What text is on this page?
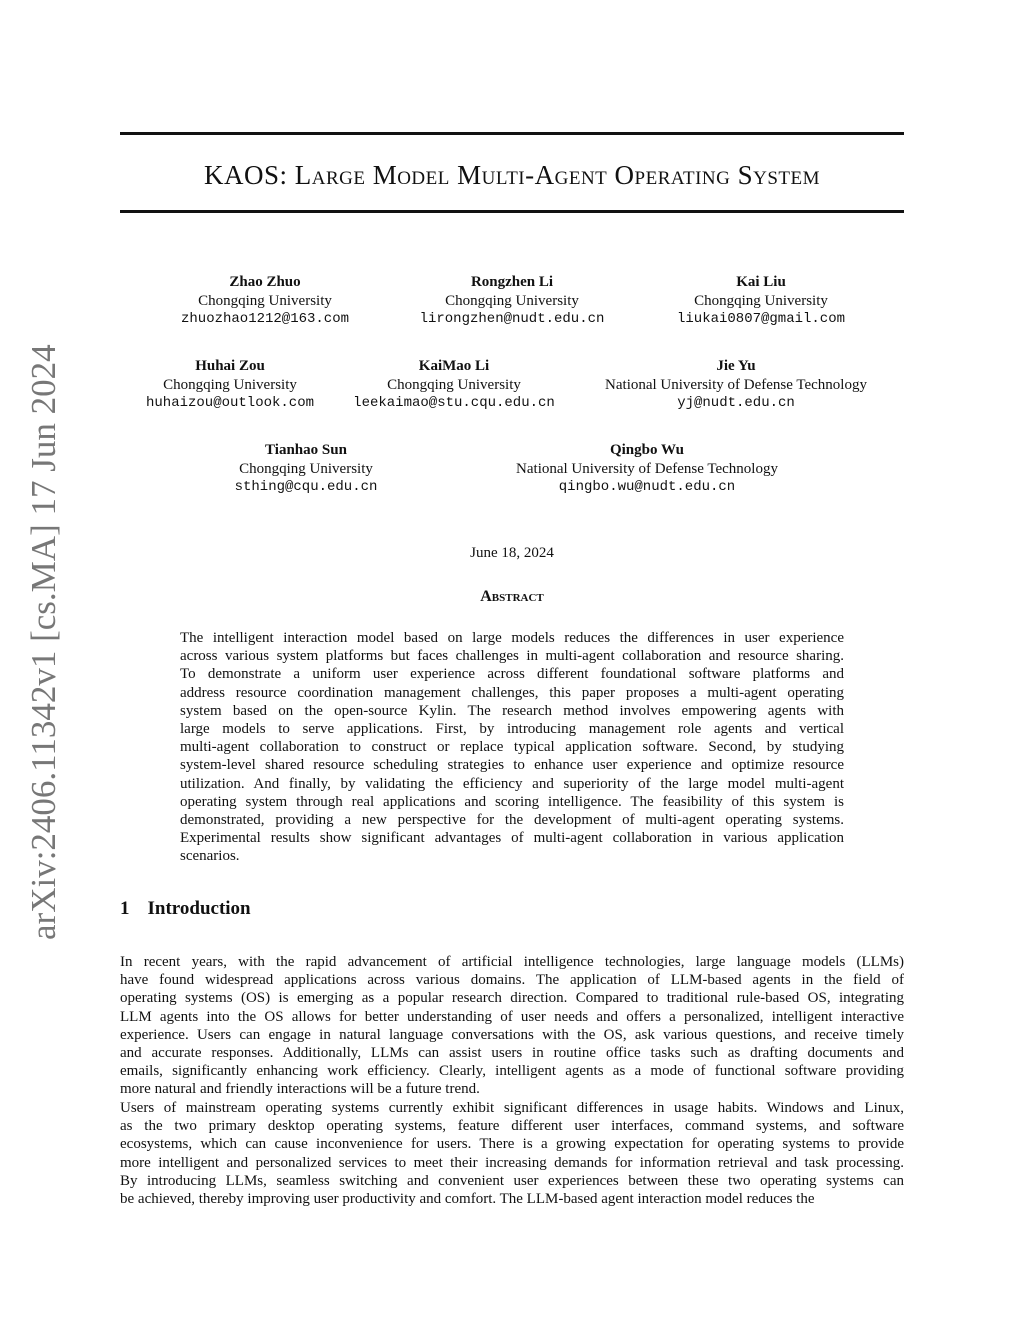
arXiv:2406.11342v1 [cs.MA] 17 Jun 2024
KAOS: Large Model Multi-Agent Operating System
Zhao Zhuo
Chongqing University
zhuozhao1212@163.com
Rongzhen Li
Chongqing University
lirongzhen@nudt.edu.cn
Kai Liu
Chongqing University
liukai0807@gmail.com
Huhai Zou
Chongqing University
huhaizou@outlook.com
KaiMao Li
Chongqing University
leekaimao@stu.cqu.edu.cn
Jie Yu
National University of Defense Technology
yj@nudt.edu.cn
Tianhao Sun
Chongqing University
sthing@cqu.edu.cn
Qingbo Wu
National University of Defense Technology
qingbo.wu@nudt.edu.cn
June 18, 2024
Abstract
The intelligent interaction model based on large models reduces the differences in user experience
across various system platforms but faces challenges in multi-agent collaboration and resource sharing.
To demonstrate a uniform user experience across different foundational software platforms and
address resource coordination management challenges, this paper proposes a multi-agent operating
system based on the open-source Kylin. The research method involves empowering agents with
large models to serve applications. First, by introducing management role agents and vertical
multi-agent collaboration to construct or replace typical application software. Second, by studying
system-level shared resource scheduling strategies to enhance user experience and optimize resource
utilization. And finally, by validating the efficiency and superiority of the large model multi-agent
operating system through real applications and scoring intelligence. The feasibility of this system is
demonstrated, providing a new perspective for the development of multi-agent operating systems.
Experimental results show significant advantages of multi-agent collaboration in various application
scenarios.
1 Introduction
In recent years, with the rapid advancement of artificial intelligence technologies, large language models (LLMs)
have found widespread applications across various domains. The application of LLM-based agents in the field of
operating systems (OS) is emerging as a popular research direction. Compared to traditional rule-based OS, integrating
LLM agents into the OS allows for better understanding of user needs and offers a personalized, intelligent interactive
experience. Users can engage in natural language conversations with the OS, ask various questions, and receive timely
and accurate responses. Additionally, LLMs can assist users in routine office tasks such as drafting documents and
emails, significantly enhancing work efficiency. Clearly, intelligent agents as a mode of functional software providing
more natural and friendly interactions will be a future trend.
Users of mainstream operating systems currently exhibit significant differences in usage habits. Windows and Linux,
as the two primary desktop operating systems, feature different user interfaces, command systems, and software
ecosystems, which can cause inconvenience for users. There is a growing expectation for operating systems to provide
more intelligent and personalized services to meet their increasing demands for information retrieval and task processing.
By introducing LLMs, seamless switching and convenient user experiences between these two operating systems can
be achieved, thereby improving user productivity and comfort. The LLM-based agent interaction model reduces the
